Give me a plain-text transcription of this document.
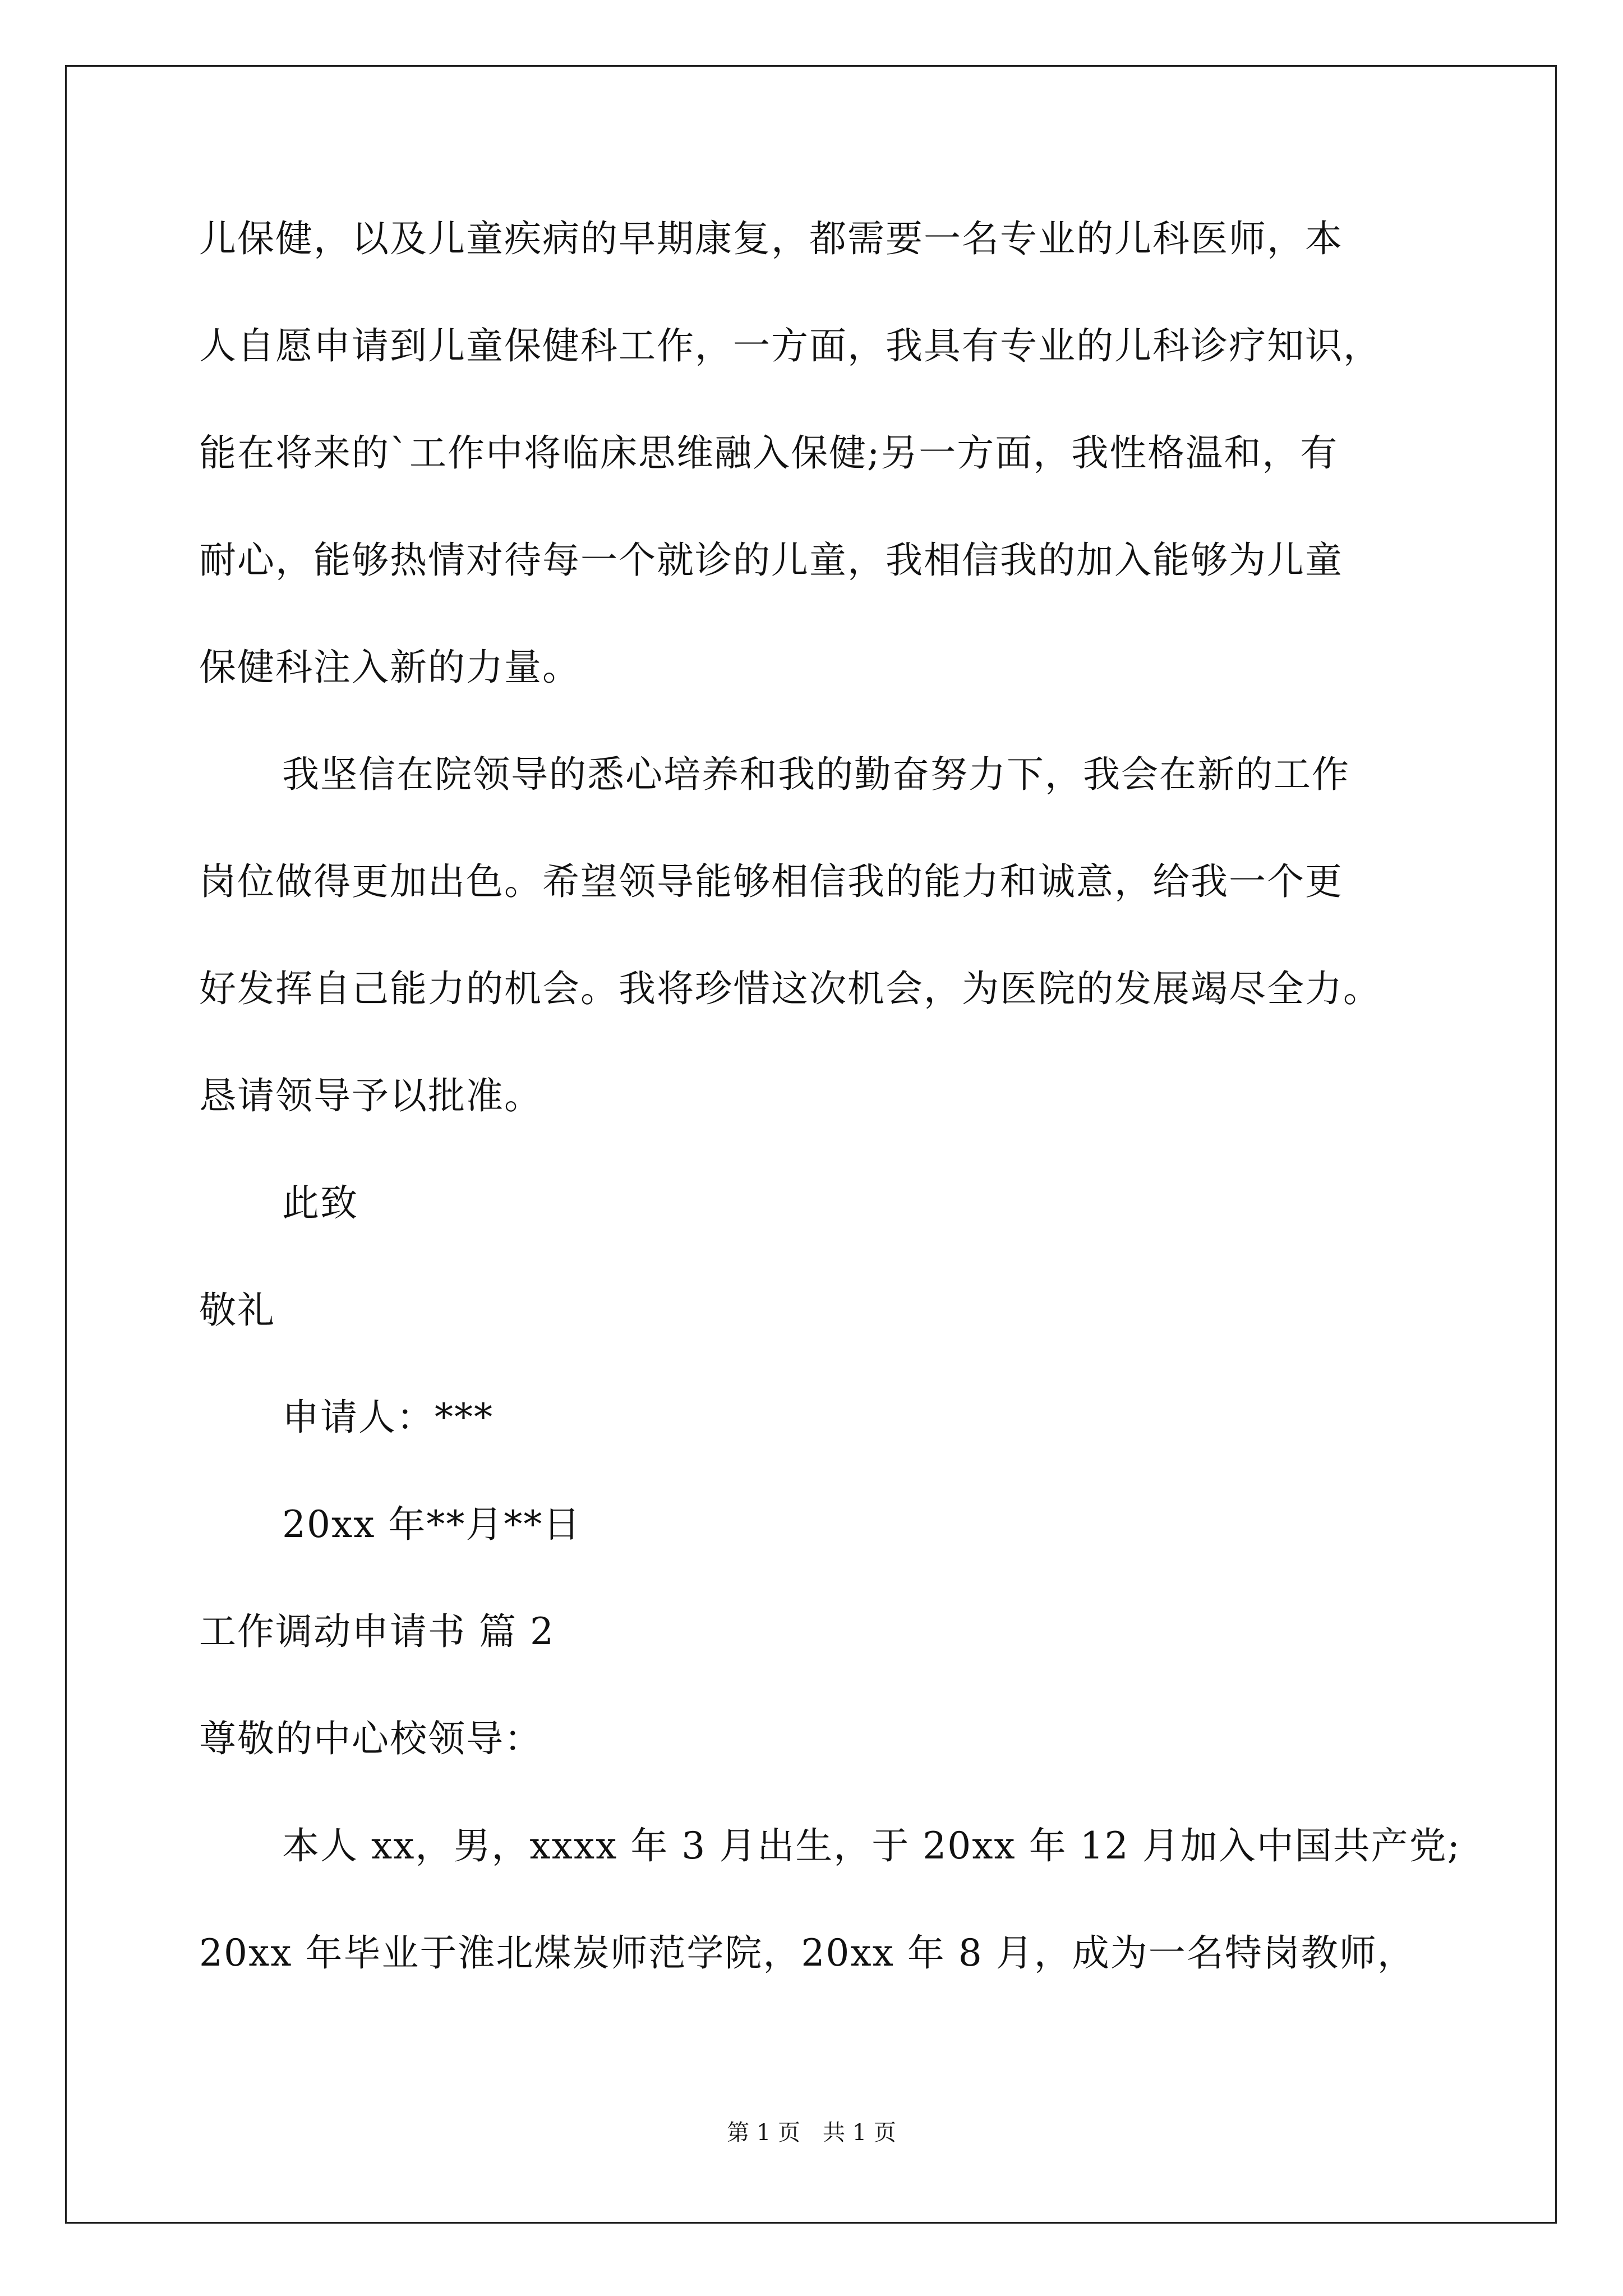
儿保健，以及儿童疾病的早期康复，都需要一名专业的儿科医师，本
人自愿申请到儿童保健科工作，一方面，我具有专业的儿科诊疗知识，
能在将来的`工作中将临床思维融入保健;另一方面，我性格温和，有
耐心，能够热情对待每一个就诊的儿童，我相信我的加入能够为儿童
保健科注入新的力量。
我坚信在院领导的悉心培养和我的勤奋努力下，我会在新的工作
岗位做得更加出色。希望领导能够相信我的能力和诚意，给我一个更
好发挥自己能力的机会。我将珍惜这次机会，为医院的发展竭尽全力。
恳请领导予以批准。
此致
敬礼
申请人：***
20xx 年**月**日
工作调动申请书 篇 2
尊敬的中心校领导：
本人 xx，男，xxxx 年 3 月出生，于 20xx 年 12 月加入中国共产党;
20xx 年毕业于淮北煤炭师范学院，20xx 年 8 月，成为一名特岗教师，
第 1 页 共 1 页
